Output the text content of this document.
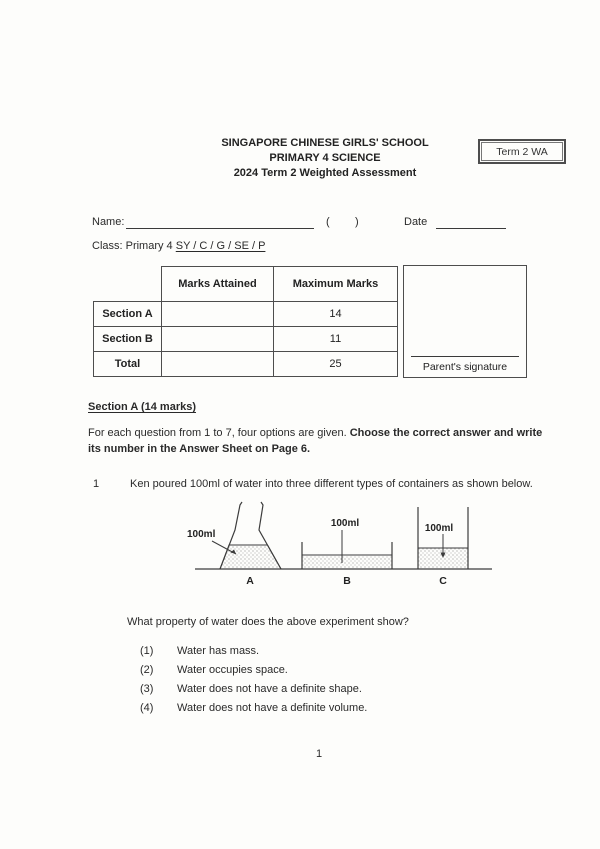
SINGAPORE CHINESE GIRLS' SCHOOL
PRIMARY 4 SCIENCE
2024 Term 2 Weighted Assessment
Term 2 WA
Name:	( )	Date
Class: Primary 4 SY / C / G / SE / P
	Marks Attained	Maximum Marks
Section A		14
Section B		11
Total		25	Parent's signature
Section A (14 marks)
For each question from 1 to 7, four options are given. Choose the correct answer and write its number in the Answer Sheet on Page 6.
1	Ken poured 100ml of water into three different types of containers as shown below.
100ml
100ml	100ml
A	B	C
What property of water does the above experiment show?
(1) Water has mass.
(2) Water occupies space.
(3) Water does not have a definite shape.
(4) Water does not have a definite volume.
1
